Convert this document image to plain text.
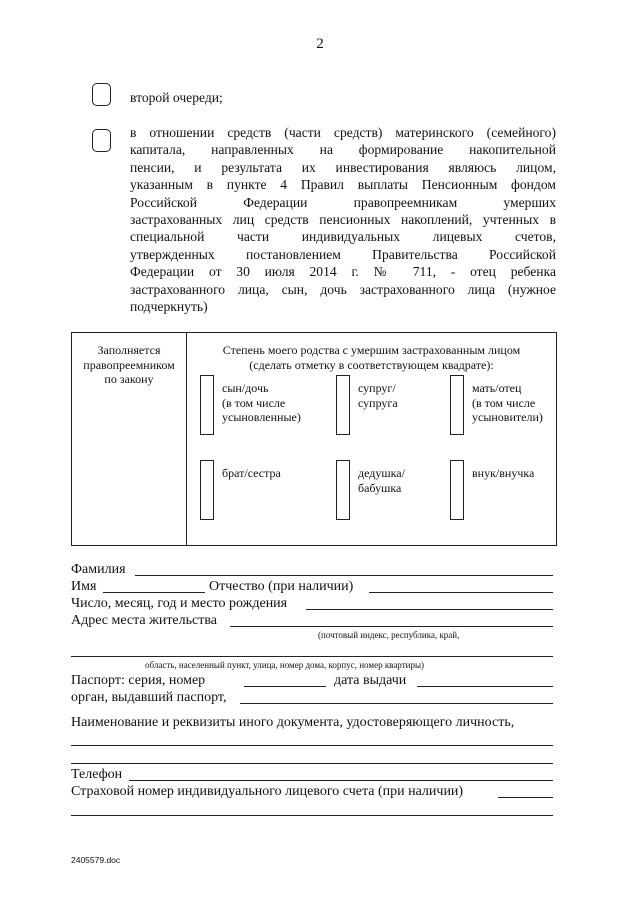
2
второй очереди;
в отношении средств (части средств) материнского (семейного)
капитала, направленных на формирование накопительной
пенсии, и результата их инвестирования являюсь лицом,
указанным в пункте 4 Правил выплаты Пенсионным фондом
Российской Федерации правопреемникам умерших
застрахованных лиц средств пенсионных накоплений, учтенных в
специальной части индивидуальных лицевых счетов,
утвержденных постановлением Правительства Российской
Федерации от 30 июля 2014 г. № 711, - отец ребенка
застрахованного лица, сын, дочь застрахованного лица (нужное
подчеркнуть)
Заполняется
правопреемником
по закону

Степень моего родства с умершим застрахованным лицом
(сделать отметку в соответствующем квадрате):
сын/дочь
(в том числе
усыновленные)
супруг/
супруга
мать/отец
(в том числе
усыновители)
брат/сестра	дедушка/
бабушка
внук/внучка
Фамилия
Имя	Отчество (при наличии)
Число, месяц, год и место рождения
Адрес места жительства
(почтовый индекс, республика, край,
область, населенный пункт, улица, номер дома, корпус, номер квартиры)
Паспорт: серия, номер	дата выдачи
орган, выдавший паспорт,
Наименование и реквизиты иного документа, удостоверяющего личность,
Телефон
Страховой номер индивидуального лицевого счета (при наличии)
2405579.doc
